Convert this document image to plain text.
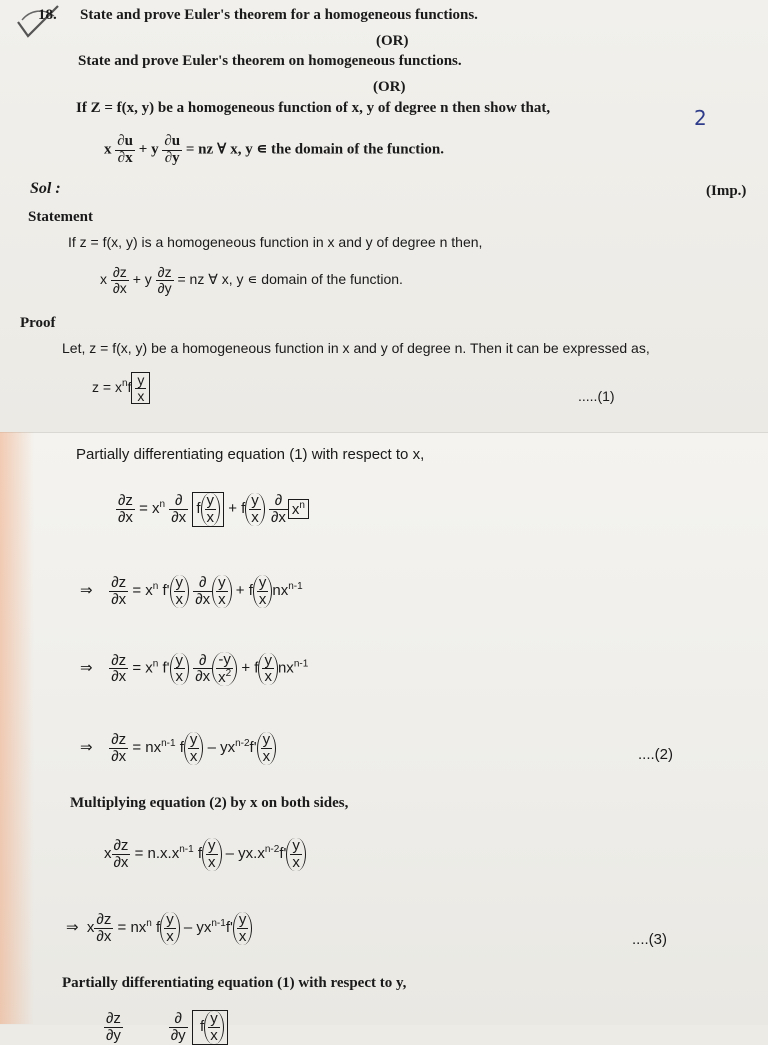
18. State and prove Euler's theorem for a homogeneous functions.
(OR)
State and prove Euler's theorem on homogeneous functions.
(OR)
If Z = f(x, y) be a homogeneous function of x, y of degree n then show that,	2
x $\frac{\partial u}{\partial x} + y \frac{\partial u}{\partial y}$ = nz ∀ x, y ∊ the domain of the function.
Sol :	(Imp.)
Statement
If z = f(x, y) is a homogeneous function in x and y of degree n then,
x $\frac{\partial z}{\partial x} + y \frac{\partial z}{\partial y}$ = nz ∀ x, y ∊ domain of the function.
Proof
Let, z = f(x, y) be a homogeneous function in x and y of degree n. Then it can be expressed as,
$z = x^nf \frac{y}{x}$	.....(1)
Partially differentiating equation (1) with respect to x,
$\frac{\partial z}{\partial x} = x^n \frac{\partial}{\partial x}$ f $\frac{y}{x} + f \frac{y}{x}$
$\frac{\partial}{\partial x} x^n$
⇒ $\frac{\partial z}{\partial x} = x^n$ $f' \frac{y}{x}$
$\frac{\partial}{\partial x} \frac{y}{x} + f \frac{y}{x} nx^{n-1}$
⇒ $\frac{\partial z}{\partial x} = x^n$ $f' \frac{y}{x}$
$\frac{\partial}{\partial x} \frac{-y}{x^2} + f \frac{y}{x} nx^{n-1}$
⇒ $\frac{\partial z}{\partial x} = nx^{n-1}$ f $\frac{y}{x} - yx^{n-2}f' \frac{y}{x}$	....(2)
Multiplying equation (2) by x on both sides,
x $\frac{\partial z}{\partial x} = n.x.x^{n-1}$ f $\frac{y}{x} - yx.x^{n-2}f' \frac{y}{x}$
⇒  x $\frac{\partial z}{\partial x} = nx^n$ f $\frac{y}{x} - yx^{n-1}f' \frac{y}{x}$	....(3)
Partially differentiating equation (1) with respect to y,
$\frac{\partial z}{\partial y}$
	$\frac{\partial}{\partial y}$ f $\frac{y}{x}$
